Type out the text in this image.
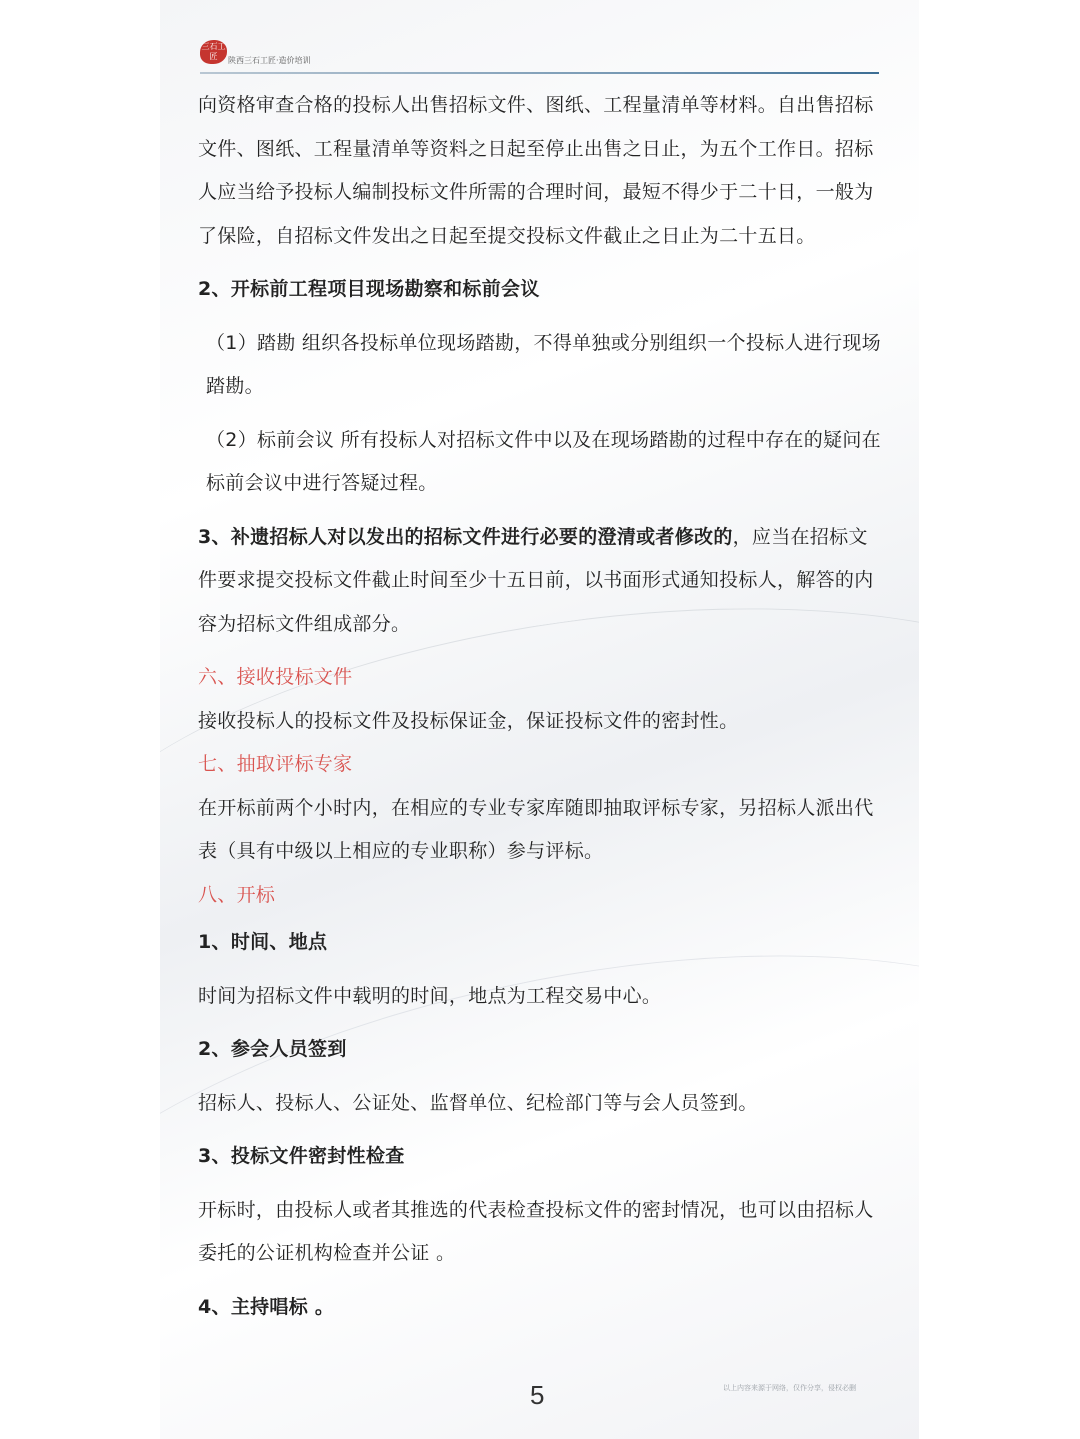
三石工匠	陕西三石工匠·造价培训

向资格审查合格的投标人出售招标文件、图纸、工程量清单等材料。自出售招标文件、图纸、工程量清单等资料之日起至停止出售之日止，为五个工作日。招标人应当给予投标人编制投标文件所需的合理时间，最短不得少于二十日，一般为了保险，自招标文件发出之日起至提交投标文件截止之日止为二十五日。

2、开标前工程项目现场勘察和标前会议

（1）踏勘 组织各投标单位现场踏勘，不得单独或分别组织一个投标人进行现场踏勘。

（2）标前会议 所有投标人对招标文件中以及在现场踏勘的过程中存在的疑问在标前会议中进行答疑过程。

3、补遗招标人对以发出的招标文件进行必要的澄清或者修改的，应当在招标文件要求提交投标文件截止时间至少十五日前，以书面形式通知投标人，解答的内容为招标文件组成部分。

六、接收投标文件

接收投标人的投标文件及投标保证金，保证投标文件的密封性。

七、抽取评标专家

在开标前两个小时内，在相应的专业专家库随即抽取评标专家，另招标人派出代表（具有中级以上相应的专业职称）参与评标。

八、开标

1、时间、地点

时间为招标文件中载明的时间，地点为工程交易中心。

2、参会人员签到

招标人、投标人、公证处、监督单位、纪检部门等与会人员签到。

3、投标文件密封性检查

开标时，由投标人或者其推选的代表检查投标文件的密封情况，也可以由招标人委托的公证机构检查并公证 。

4、主持唱标 。

5	以上内容来源于网络，仅作分享，侵权必删
